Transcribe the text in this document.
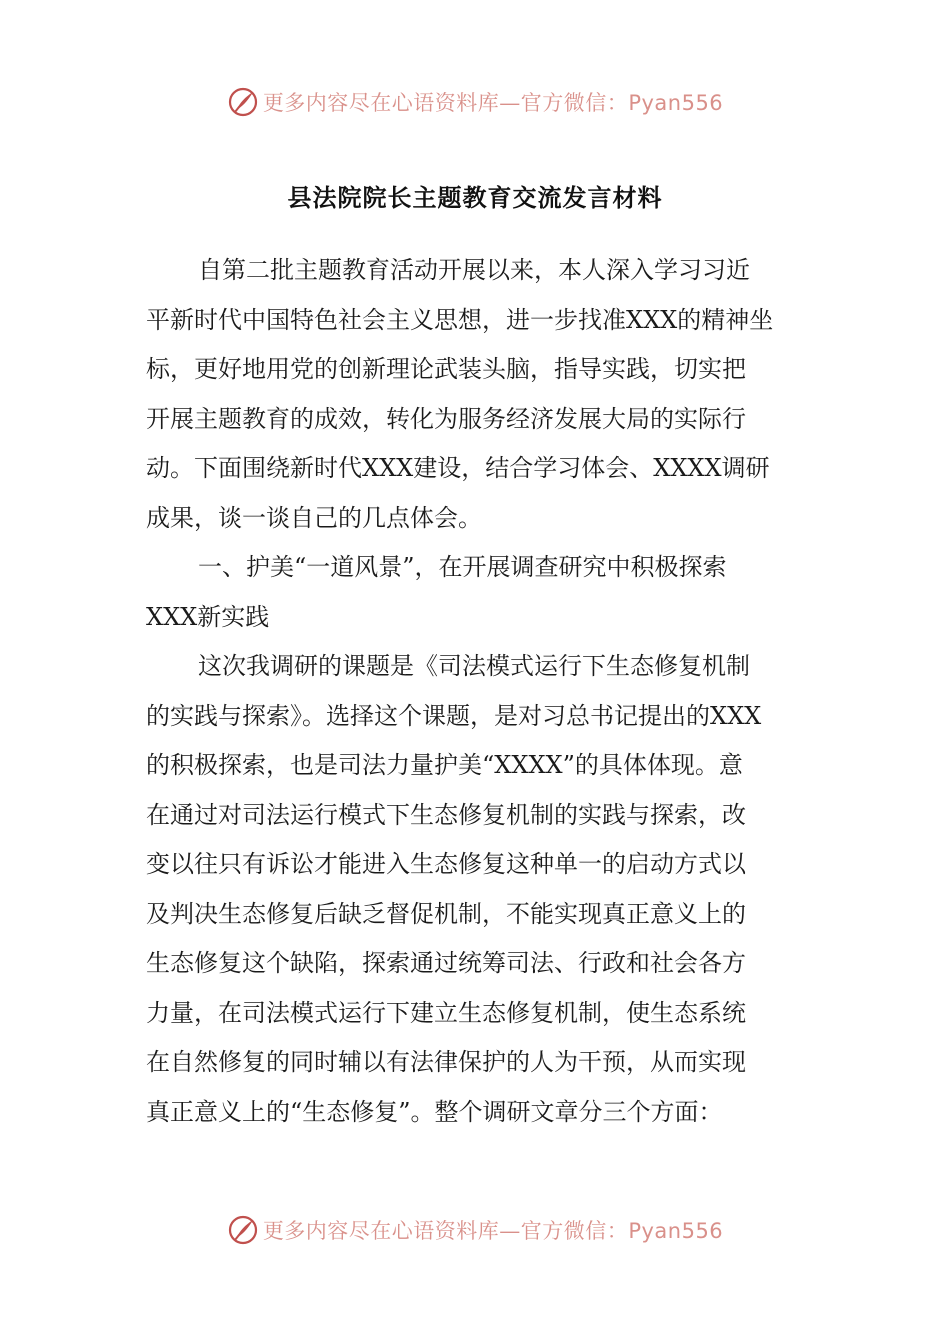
更多内容尽在心语资料库—官方微信：Pyan556
县法院院长主题教育交流发言材料
自第二批主题教育活动开展以来，本人深入学习习近
平新时代中国特色社会主义思想，进一步找准XXX的精神坐
标，更好地用党的创新理论武装头脑，指导实践，切实把
开展主题教育的成效，转化为服务经济发展大局的实际行
动。下面围绕新时代XXX建设，结合学习体会、XXXX调研
成果，谈一谈自己的几点体会。
一、护美“一道风景”，在开展调查研究中积极探索
XXX新实践
这次我调研的课题是《司法模式运行下生态修复机制
的实践与探索》。选择这个课题，是对习总书记提出的XXX
的积极探索，也是司法力量护美“XXXX”的具体体现。意
在通过对司法运行模式下生态修复机制的实践与探索，改
变以往只有诉讼才能进入生态修复这种单一的启动方式以
及判决生态修复后缺乏督促机制，不能实现真正意义上的
生态修复这个缺陷，探索通过统筹司法、行政和社会各方
力量，在司法模式运行下建立生态修复机制，使生态系统
在自然修复的同时辅以有法律保护的人为干预，从而实现
真正意义上的“生态修复”。整个调研文章分三个方面：
更多内容尽在心语资料库—官方微信：Pyan556
